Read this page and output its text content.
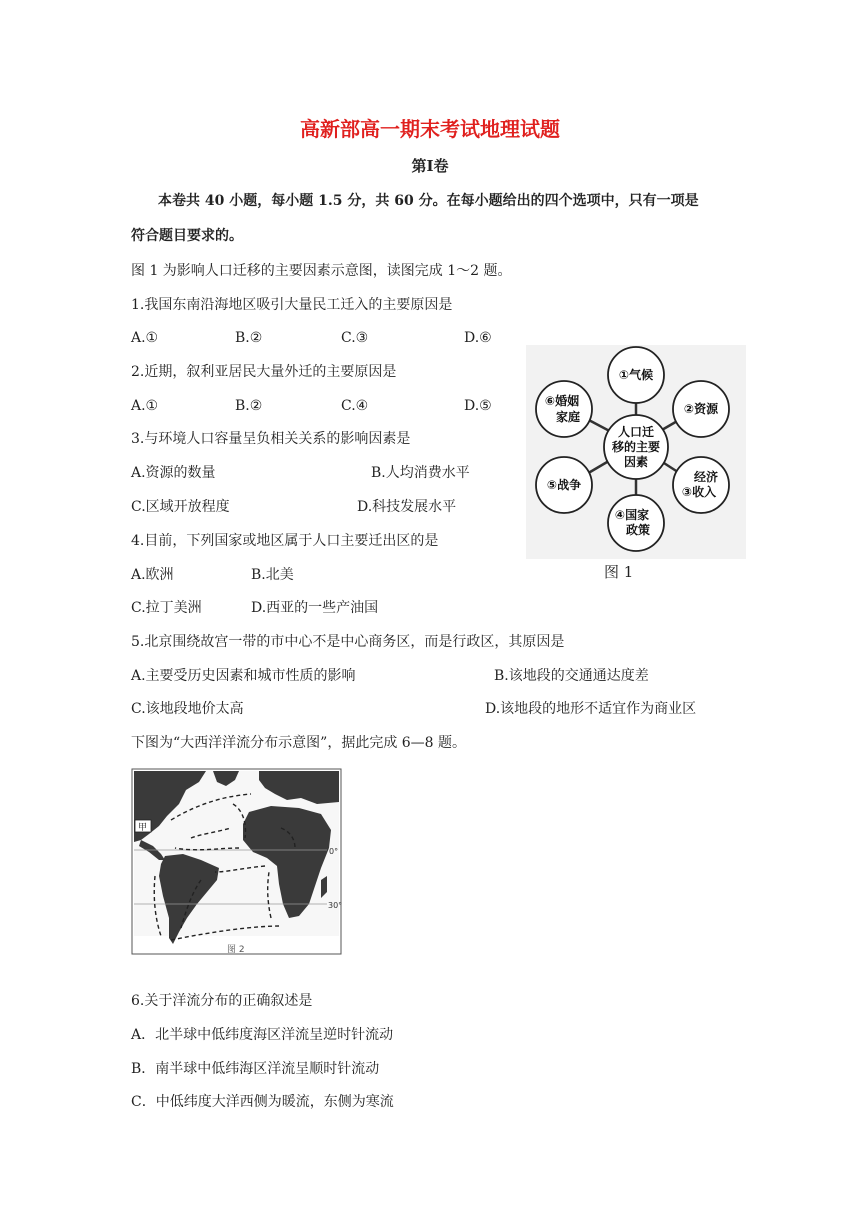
高新部高一期末考试地理试题
第Ⅰ卷
本卷共 40 小题，每小题 1.5 分，共 60 分。在每小题给出的四个选项中，只有一项是
符合题目要求的。
图 1 为影响人口迁移的主要因素示意图，读图完成 1～2 题。
1.我国东南沿海地区吸引大量民工迁入的主要原因是
A.①	B.②	C.③	D.⑥
2.近期，叙利亚居民大量外迁的主要原因是
A.①	B.②	C.④	D.⑤
3.与环境人口容量呈负相关关系的影响因素是
A.资源的数量	B.人均消费水平
C.区域开放程度	D.科技发展水平
4.目前，下列国家或地区属于人口主要迁出区的是
A.欧洲	B.北美
C.拉丁美洲	D.西亚的一些产油国
5.北京围绕故宫一带的市中心不是中心商务区，而是行政区，其原因是
A.主要受历史因素和城市性质的影响	B.该地段的交通通达度差
C.该地段地价太高	D.该地段的地形不适宜作为商业区
下图为“大西洋洋流分布示意图”，据此完成 6—8 题。
人口迁
移的主要
因素
①气候
②资源
经济
③收入
④国家
政策
⑤战争
⑥婚姻
家庭
图 1
0°
30°
甲
图 2
6.关于洋流分布的正确叙述是
A．北半球中低纬度海区洋流呈逆时针流动
B．南半球中低纬海区洋流呈顺时针流动
C．中低纬度大洋西侧为暖流，东侧为寒流
